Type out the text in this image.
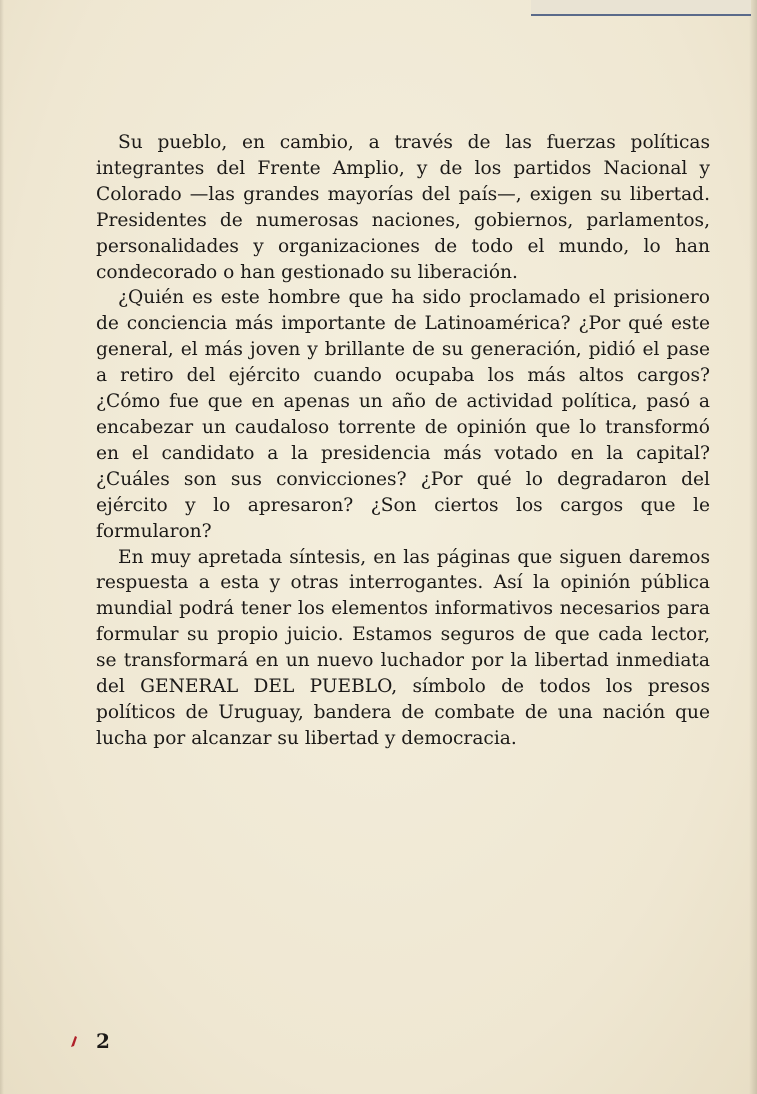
Su pueblo, en cambio, a través de las fuerzas políticas integrantes del Frente Amplio, y de los partidos Nacional y Colorado —las grandes mayorías del país—, exigen su libertad. Presidentes de numerosas naciones, gobiernos, parlamentos, personalidades y organizaciones de todo el mundo, lo han condecorado o han gestionado su liberación.

¿Quién es este hombre que ha sido proclamado el prisionero de conciencia más importante de Latinoamérica? ¿Por qué este general, el más joven y brillante de su generación, pidió el pase a retiro del ejército cuando ocupaba los más altos cargos? ¿Cómo fue que en apenas un año de actividad política, pasó a encabezar un caudaloso torrente de opinión que lo transformó en el candidato a la presidencia más votado en la capital? ¿Cuáles son sus convicciones? ¿Por qué lo degradaron del ejército y lo apresaron? ¿Son ciertos los cargos que le formularon?

En muy apretada síntesis, en las páginas que siguen daremos respuesta a esta y otras interrogantes. Así la opinión pública mundial podrá tener los elementos informativos necesarios para formular su propio juicio. Estamos seguros de que cada lector, se transformará en un nuevo luchador por la libertad inmediata del GENERAL DEL PUEBLO, símbolo de todos los presos políticos de Uruguay, bandera de combate de una nación que lucha por alcanzar su libertad y democracia.

2
